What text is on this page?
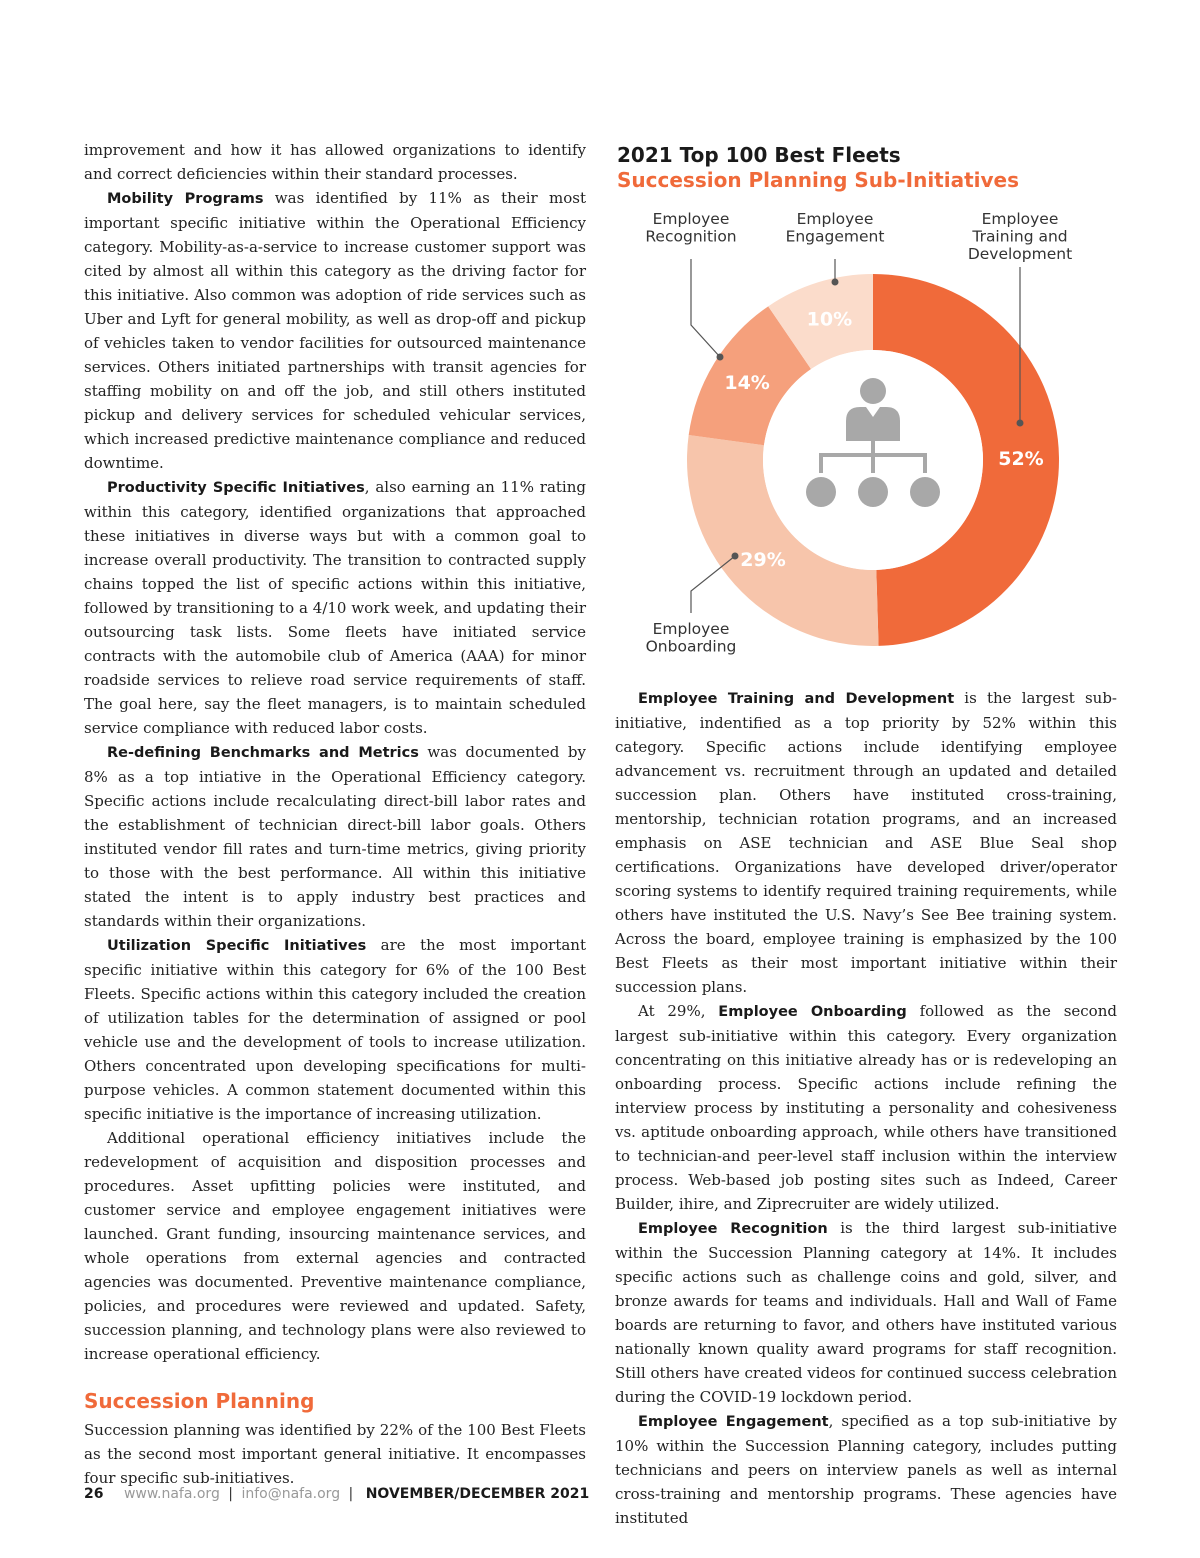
improvement and how it has allowed organizations to identify and correct deficiencies within their standard processes.

Mobility Programs was identified by 11% as their most important specific initiative within the Operational Efficiency category. Mobility-as-a-service to increase customer support was cited by almost all within this category as the driving factor for this initiative. Also common was adoption of ride services such as Uber and Lyft for general mobility, as well as drop-off and pickup of vehicles taken to vendor facilities for outsourced maintenance services. Others initiated partnerships with transit agencies for staffing mobility on and off the job, and still others instituted pickup and delivery services for scheduled vehicular services, which increased predictive maintenance compliance and reduced downtime.

Productivity Specific Initiatives, also earning an 11% rating within this category, identified organizations that approached these initiatives in diverse ways but with a common goal to increase overall productivity. The transition to contracted supply chains topped the list of specific actions within this initiative, followed by transitioning to a 4/10 work week, and updating their outsourcing task lists. Some fleets have initiated service contracts with the automobile club of America (AAA) for minor roadside services to relieve road service requirements of staff. The goal here, say the fleet managers, is to maintain scheduled service compliance with reduced labor costs.

Re-defining Benchmarks and Metrics was documented by 8% as a top intiative in the Operational Efficiency category. Specific actions include recalculating direct-bill labor rates and the establishment of technician direct-bill labor goals. Others instituted vendor fill rates and turn-time metrics, giving priority to those with the best performance. All within this initiative stated the intent is to apply industry best practices and standards within their organizations.

Utilization Specific Initiatives are the most important specific initiative within this category for 6% of the 100 Best Fleets. Specific actions within this category included the creation of utilization tables for the determination of assigned or pool vehicle use and the development of tools to increase utilization. Others concentrated upon developing specifications for multi-purpose vehicles. A common statement documented within this specific initiative is the importance of increasing utilization.

Additional operational efficiency initiatives include the redevelopment of acquisition and disposition processes and procedures. Asset upfitting policies were instituted, and customer service and employee engagement initiatives were launched. Grant funding, insourcing maintenance services, and whole operations from external agencies and contracted agencies was documented. Preventive maintenance compliance, policies, and procedures were reviewed and updated. Safety, succession planning, and technology plans were also reviewed to increase operational efficiency.

Succession Planning

Succession planning was identified by 22% of the 100 Best Fleets as the second most important general initiative. It encompasses four specific sub-initiatives.

2021 Top 100 Best Fleets
Succession Planning Sub-Initiatives
52%
29%
14%
10%
Employee Training and Development
Employee Onboarding
Employee Recognition
Employee Engagement

Employee Training and Development is the largest sub-initiative, indentified as a top priority by 52% within this category. Specific actions include identifying employee advancement vs. recruitment through an updated and detailed succession plan. Others have instituted cross-training, mentorship, technician rotation programs, and an increased emphasis on ASE technician and ASE Blue Seal shop certifications. Organizations have developed driver/operator scoring systems to identify required training requirements, while others have instituted the U.S. Navy’s See Bee training system. Across the board, employee training is emphasized by the 100 Best Fleets as their most important initiative within their succession plans.

At 29%, Employee Onboarding followed as the second largest sub-initiative within this category. Every organization concentrating on this initiative already has or is redeveloping an onboarding process. Specific actions include refining the interview process by instituting a personality and cohesiveness vs. aptitude onboarding approach, while others have transitioned to technician-and peer-level staff inclusion within the interview process. Web-based job posting sites such as Indeed, Career Builder, ihire, and Ziprecruiter are widely utilized.

Employee Recognition is the third largest sub-initiative within the Succession Planning category at 14%. It includes specific actions such as challenge coins and gold, silver, and bronze awards for teams and individuals. Hall and Wall of Fame boards are returning to favor, and others have instituted various nationally known quality award programs for staff recognition. Still others have created videos for continued success celebration during the COVID-19 lockdown period.

Employee Engagement, specified as a top sub-initiative by 10% within the Succession Planning category, includes putting technicians and peers on interview panels as well as internal cross-training and mentorship programs. These agencies have instituted

26 www.nafa.org | info@nafa.org | NOVEMBER/DECEMBER 2021
